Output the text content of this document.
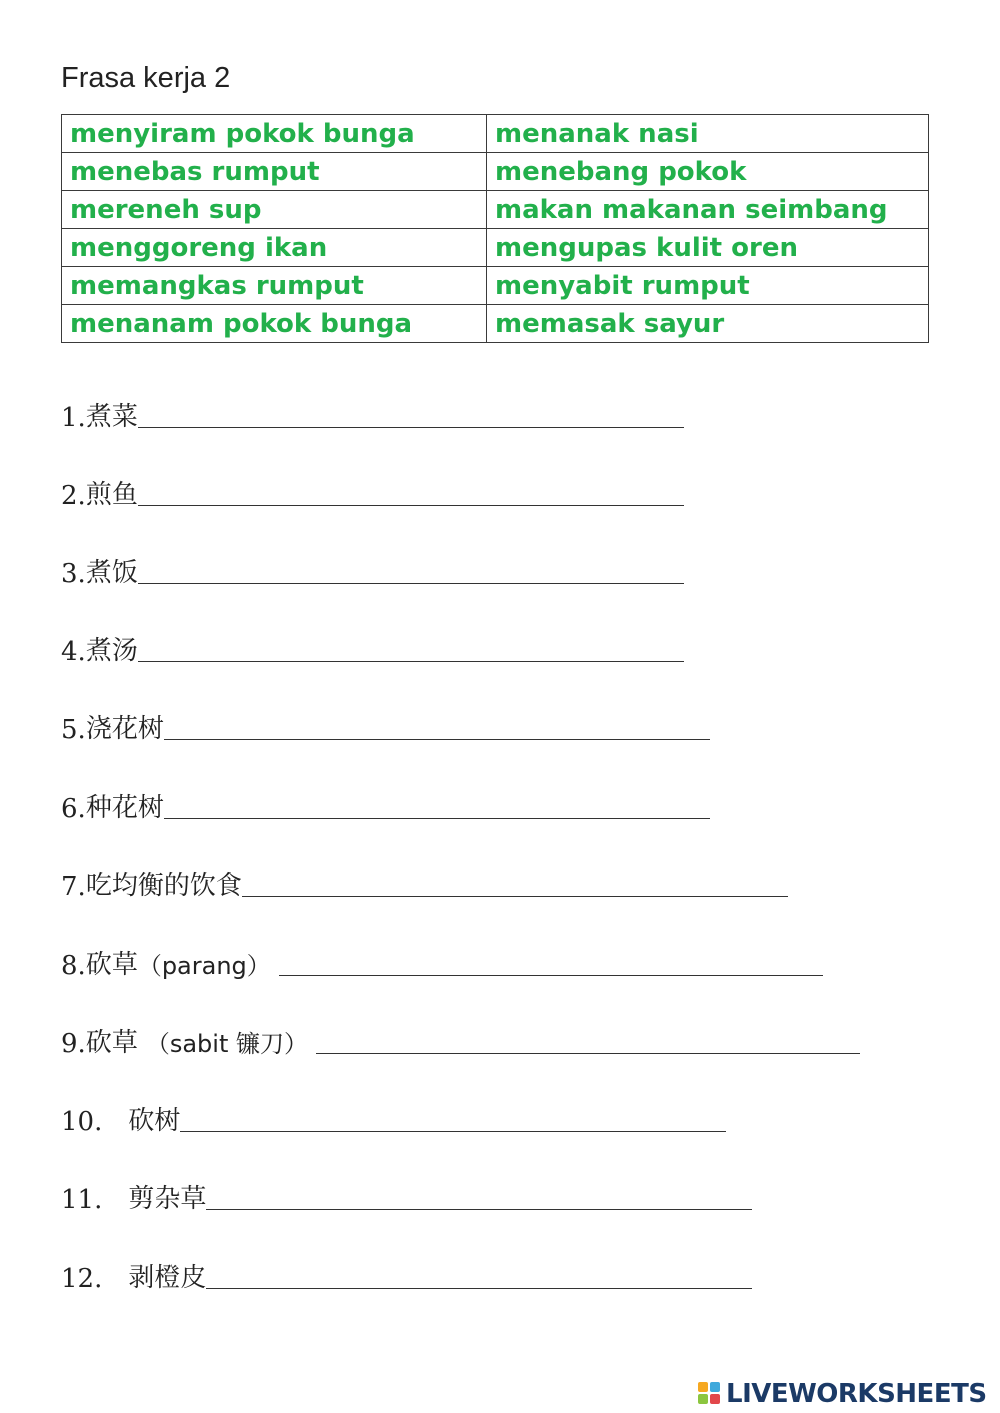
Frasa kerja 2
menyiram pokok bunga	menanak nasi
menebas rumput	menebang pokok
mereneh sup	makan makanan seimbang
menggoreng ikan	mengupas kulit oren
memangkas rumput	menyabit rumput
menanam pokok bunga	memasak sayur
1. 煮菜
2. 煎鱼
3. 煮饭
4. 煮汤
5. 浇花树
6. 种花树
7. 吃均衡的饮食
8. 砍草 （parang）
9. 砍草 （sabit 镰刀）
10. 砍树
11. 剪杂草
12. 剥橙皮
LIVEWORKSHEETS
